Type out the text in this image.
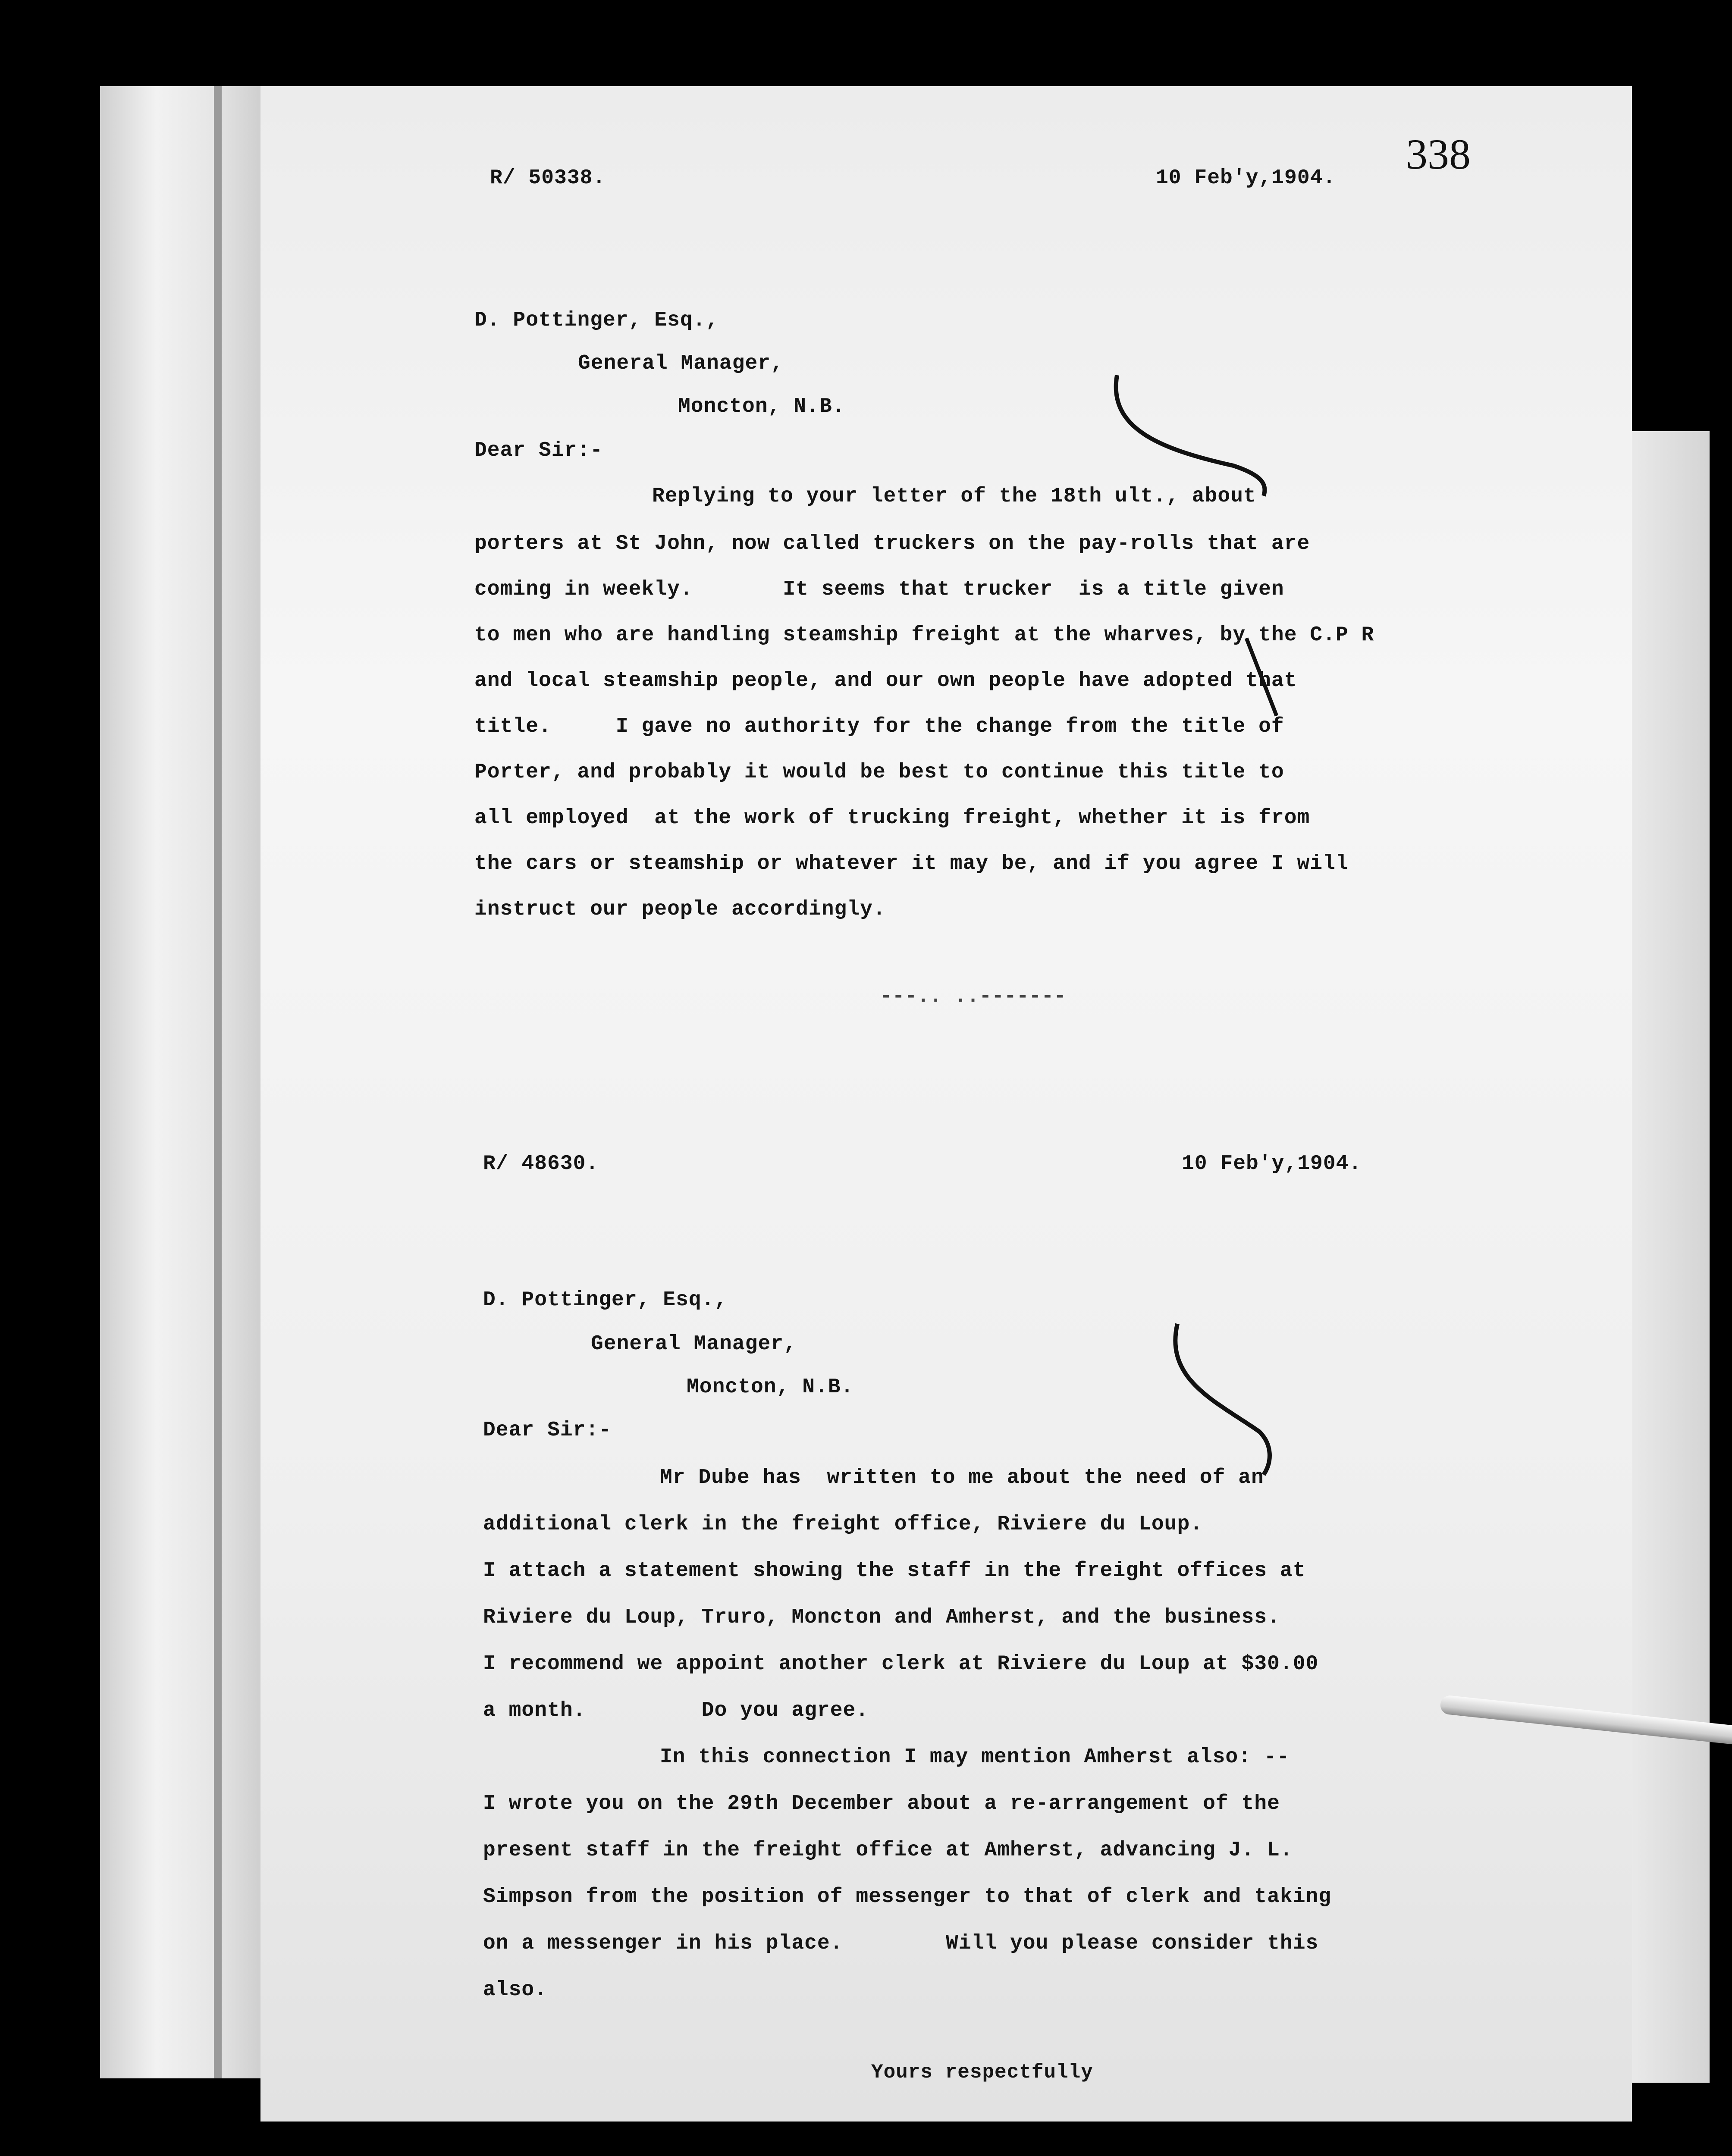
338
R/ 50338.	10 Feb'y,1904.
D. Pottinger, Esq.,
General Manager,
Moncton, N.B.
Dear Sir:-
Replying to your letter of the 18th ult., about
porters at St John, now called truckers on the pay-rolls that are
coming in weekly.       It seems that trucker  is a title given
to men who are handling steamship freight at the wharves, by the C.P R
and local steamship people, and our own people have adopted that
title.     I gave no authority for the change from the title of
Porter, and probably it would be best to continue this title to
all employed  at the work of trucking freight, whether it is from
the cars or steamship or whatever it may be, and if you agree I will
instruct our people accordingly.
---.. ..-------
R/ 48630.	10 Feb'y,1904.
D. Pottinger, Esq.,
General Manager,
Moncton, N.B.
Dear Sir:-
Mr Dube has  written to me about the need of an
additional clerk in the freight office, Riviere du Loup.
I attach a statement showing the staff in the freight offices at
Riviere du Loup, Truro, Moncton and Amherst, and the business.
I recommend we appoint another clerk at Riviere du Loup at $30.00
a month.         Do you agree.
In this connection I may mention Amherst also: --
I wrote you on the 29th December about a re-arrangement of the
present staff in the freight office at Amherst, advancing J. L.
Simpson from the position of messenger to that of clerk and taking
on a messenger in his place.        Will you please consider this
also.
Yours respectfully
